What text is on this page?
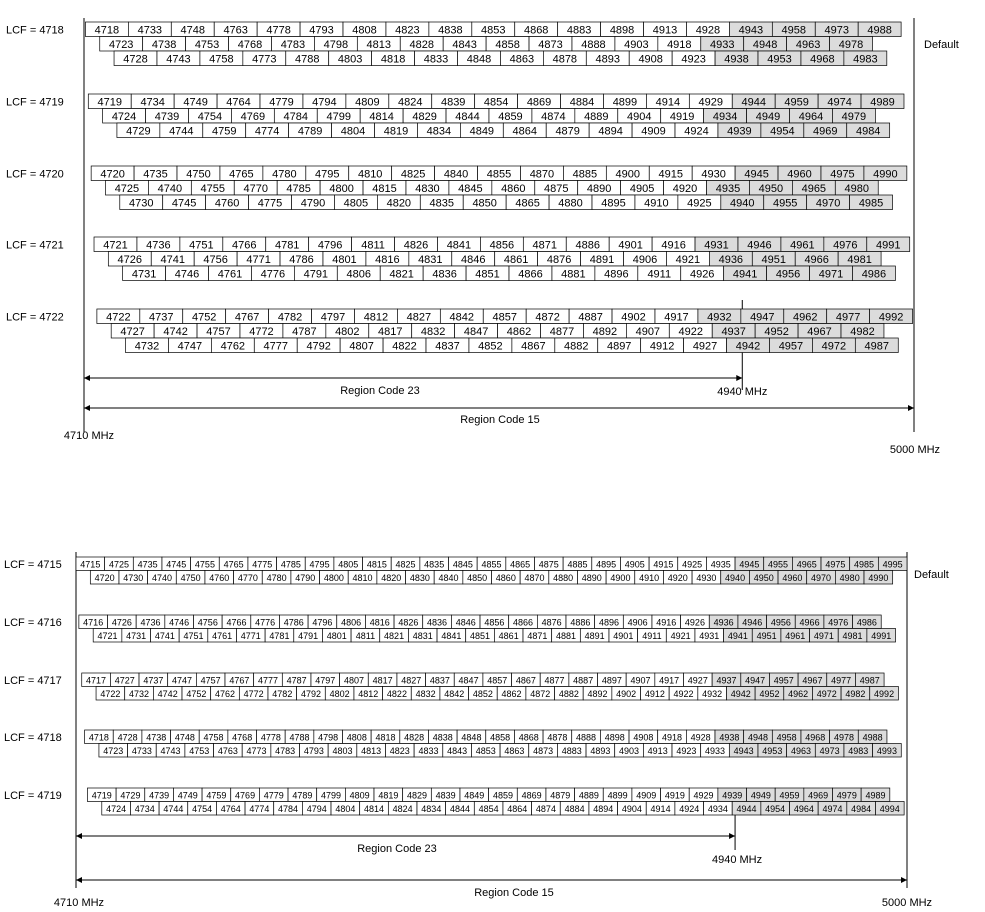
LCF = 4718	4718 4733 4748 4763 4778 4793 4808 4823 4838 4853 4868 4883 4898 4913 4928 4943 4958 4973 4988
4723 4738 4753 4768 4783 4798 4813 4828 4843 4858 4873 4888 4903 4918 4933 4948 4963 4978
4728 4743 4758 4773 4788 4803 4818 4833 4848 4863 4878 4893 4908 4923 4938 4953 4968 4983
LCF = 4719	4719 4734 4749 4764 4779 4794 4809 4824 4839 4854 4869 4884 4899 4914 4929 4944 4959 4974 4989
4724 4739 4754 4769 4784 4799 4814 4829 4844 4859 4874 4889 4904 4919 4934 4949 4964 4979
4729 4744 4759 4774 4789 4804 4819 4834 4849 4864 4879 4894 4909 4924 4939 4954 4969 4984
LCF = 4720	4720 4735 4750 4765 4780 4795 4810 4825 4840 4855 4870 4885 4900 4915 4930 4945 4960 4975 4990
4725 4740 4755 4770 4785 4800 4815 4830 4845 4860 4875 4890 4905 4920 4935 4950 4965 4980
4730 4745 4760 4775 4790 4805 4820 4835 4850 4865 4880 4895 4910 4925 4940 4955 4970 4985
LCF = 4721	4721 4736 4751 4766 4781 4796 4811 4826 4841 4856 4871 4886 4901 4916 4931 4946 4961 4976 4991
4726 4741 4756 4771 4786 4801 4816 4831 4846 4861 4876 4891 4906 4921 4936 4951 4966 4981
4731 4746 4761 4776 4791 4806 4821 4836 4851 4866 4881 4896 4911 4926 4941 4956 4971 4986
LCF = 4722	4722 4737 4752 4767 4782 4797 4812 4827 4842 4857 4872 4887 4902 4917 4932 4947 4962 4977 4992
4727 4742 4757 4772 4787 4802 4817 4832 4847 4862 4877 4892 4907 4922 4937 4952 4967 4982
4732 4747 4762 4777 4792 4807 4822 4837 4852 4867 4882 4897 4912 4927 4942 4957 4972 4987
Default
Region Code 23	4940 MHz
Region Code 15
4710 MHz
5000 MHz
LCF = 4715 4715 4725 4735 4745 4755 4765 4775 4785 4795 4805 4815 4825 4835 4845 4855 4865 4875 4885 4895 4905 4915 4925 4935 4945 4955 4965 4975 4985 4995
4720 4730 4740 4750 4760 4770 4780 4790 4800 4810 4820 4830 4840 4850 4860 4870 4880 4890 4900 4910 4920 4930 4940 4950 4960 4970 4980 4990
LCF = 4716 4716 4726 4736 4746 4756 4766 4776 4786 4796 4806 4816 4826 4836 4846 4856 4866 4876 4886 4896 4906 4916 4926 4936 4946 4956 4966 4976 4986
4721 4731 4741 4751 4761 4771 4781 4791 4801 4811 4821 4831 4841 4851 4861 4871 4881 4891 4901 4911 4921 4931 4941 4951 4961 4971 4981 4991
LCF = 4717	4717 4727 4737 4747 4757 4767 4777 4787 4797 4807 4817 4827 4837 4847 4857 4867 4877 4887 4897 4907 4917 4927 4937 4947 4957 4967 4977 4987
4722 4732 4742 4752 4762 4772 4782 4792 4802 4812 4822 4832 4842 4852 4862 4872 4882 4892 4902 4912 4922 4932 4942 4952 4962 4972 4982 4992
LCF = 4718	4718 4728 4738 4748 4758 4768 4778 4788 4798 4808 4818 4828 4838 4848 4858 4868 4878 4888 4898 4908 4918 4928 4938 4948 4958 4968 4978 4988
4723 4733 4743 4753 4763 4773 4783 4793 4803 4813 4823 4833 4843 4853 4863 4873 4883 4893 4903 4913 4923 4933 4943 4953 4963 4973 4983 4993
LCF = 4719	4719 4729 4739 4749 4759 4769 4779 4789 4799 4809 4819 4829 4839 4849 4859 4869 4879 4889 4899 4909 4919 4929 4939 4949 4959 4969 4979 4989
4724 4734 4744 4754 4764 4774 4784 4794 4804 4814 4824 4834 4844 4854 4864 4874 4884 4894 4904 4914 4924 4934 4944 4954 4964 4974 4984 4994
Default
Region Code 23
4940 MHz
Region Code 15
4710 MHz	5000 MHz
